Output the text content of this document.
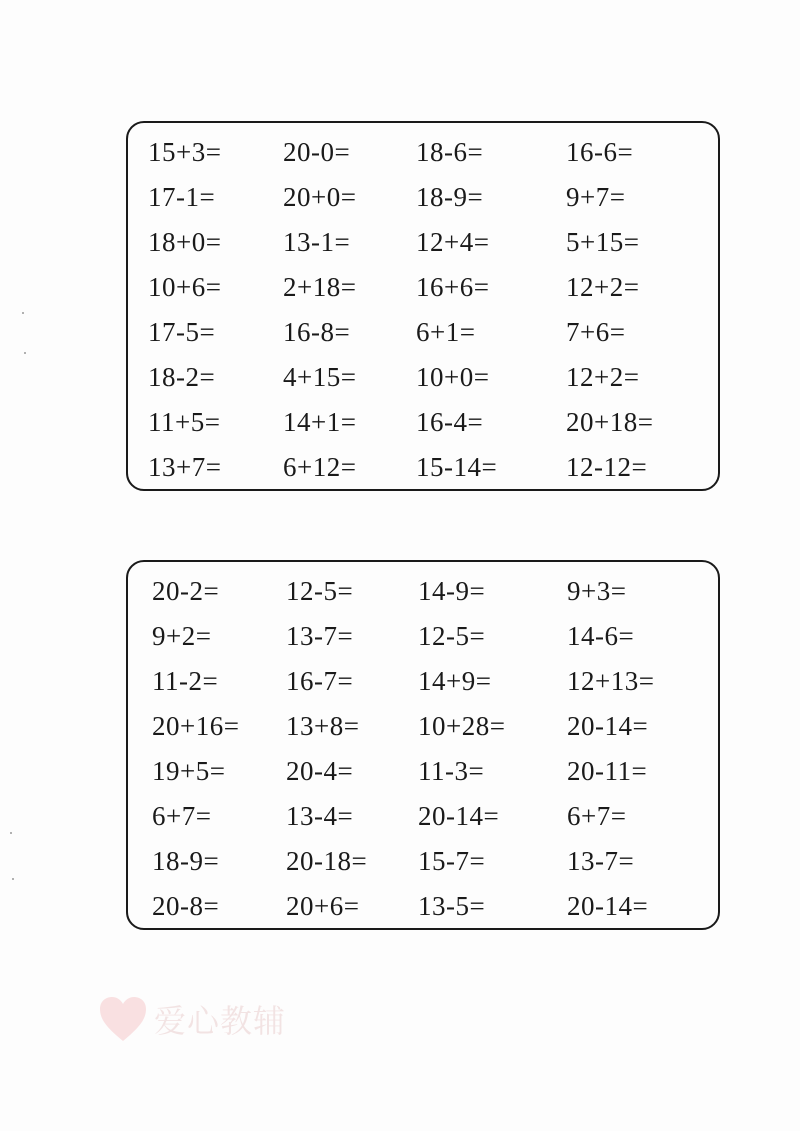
爱心教辅
15+3= 20-0= 18-6=	16-6=
17-1=	20+0= 18-9=	9+7=
18+0= 13-1= 12+4=	5+15=
10+6= 2+18= 16+6=	12+2=
17-5=	16-8= 6+1=	7+6=
18-2=	4+15= 10+0=	12+2=
11+5= 14+1= 16-4=	20+18=
13+7= 6+12= 15-14=	12-12=
20-2= 12-5= 14-9=	9+3=
9+2=	13-7= 12-5=	14-6=
11-2=	16-7= 14+9=	12+13=
20+16= 13+8= 10+28= 20-14=
19+5= 20-4= 11-3=	20-11=
6+7=	13-4= 20-14=	6+7=
18-9= 20-18= 15-7=	13-7=
20-8= 20+6= 13-5=	20-14=
